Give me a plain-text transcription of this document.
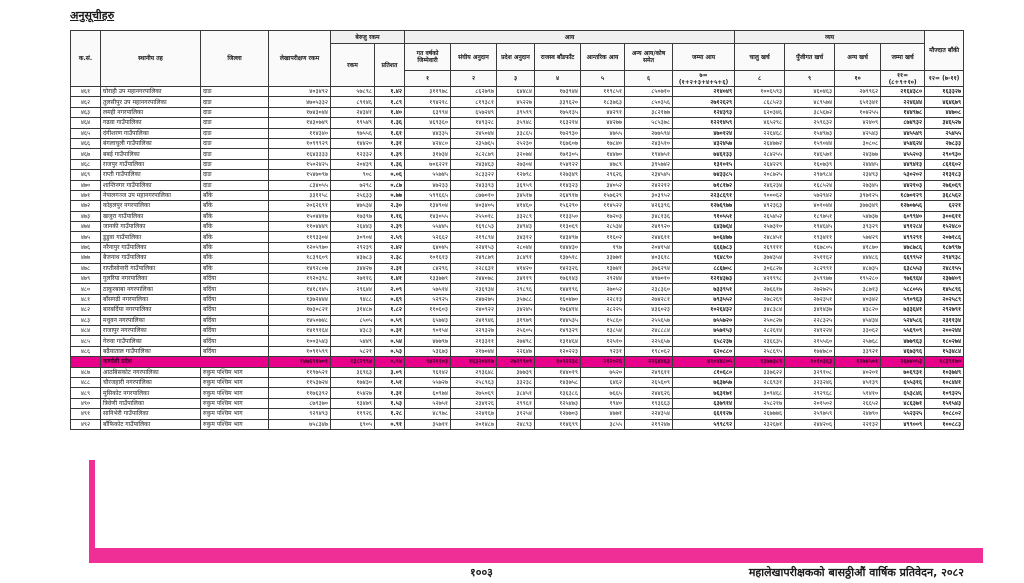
अनुसूचीहरु
क.सं.	स्थानीय तह	जिल्ला	लेखापरीक्षण रकम	बेरुजु रकम		आय							व्यय				मौज्दात बाँकी
				रकम	प्रतिशत	गत वर्षको जिम्मेवारी	संघीय अनुदान	प्रदेश अनुदान	राजस्व बाँडफाँट	आन्तरिक आय	अन्य आय/कोष समेत	जम्मा आय	चालु खर्च	पुँजीगत खर्च	अन्य खर्च	जम्मा खर्च	
						१	२	३	४	५	६	७= (१+२+३+४+५+६)	८	९	१०	११= (८+९+१०)	१२= (७-११)
४६१	घोराही उप महानगरपालिका	दाङ	४०३४९२	५७८९८	१.४२	३११९७८	८६२७९७	६४४८४	१७३९४४	११९८५१	८५०७१०	२१४०४९	१००६५९३	४६०४६३	२७९९६२	२१६४३८०	१६३३२७
४६२	तुलसीपुर उप महानगरपालिका	दाङ	४७०५३३२	८९१४६	१.८९	१९४२१८	८१९३८१	४५२२७	३३९६२०	१८३७६३	८५०३५६	२७१२६२९	८६८५२३	४८९५७४	६५१३४१	२२४६४४	४६४६७९
४६३	लमही नगरपालिका	दाङ	१७४३०४४	२४३४१	१.४०	६३९९४	६५७२४९	३९५९९	१७५१३५	४४२९१	३८२१७७	१२४३९३	६२०३४६	३८५६७२	१०४२५५	१४४९७८	४४७०८
४६४	गढवा गाउँपालिका	दाङ	१४३०७४९	१९५४९	१.३६	४६९३६०	१४९३२८	३५९४८	१६३२१४	४४२७७	५८५३७८	१२२१४५९	४६५२९८	२५९६३२	४२४०९	८७४९३२	३४६५२७
४६५	दंगीशरण गाउँपालिका	दाङ	११४३४०	९७५५६	१.६१	४४३३५	२४५०४४	३३८६५	१७२९३०	४७५५	२७७५९४	४७०१२४	२२६४६८	१५४९७३	४२५४३	४४५५४९	२५४५५
४६६	बंगलाचुली गाउँपालिका	दाङ	१०९९९२९	१४४२०	१.३१	४२४८०	२३५७६५	२५२३०	१६७६०७	१७८४०	२४३५१०	४३२४५७	२६४७७२	१५९०४४	३०८०८	४५४६२४	२७८३३
४६७	बबई गाउँपालिका	दाङ	१६४३३३३	१२३३२	१.३९	३१७३४	२८२८७९	३२०७४	१७१३०५	१४४७०	१९४७५१	७४६१३३	२८४२५५	१४६५७१	२४३७७	४५५२०३	२९०९३०
४६८	राजपुर गाउँपालिका	दाङ	१५०२४२५	२०४३९	१.३६	७०६२२१	२४३४६३	२७३०४	१५४१२२	४७८९	३९५७४२	१३१०१५	२६४२२९	१६०७३९	२४४४५	४४९४१३	८६१६०२
४६९	राप्ती गाउँपालिका	दाङ	१५४७०९७	९०८	०.०६	५५७४५	२८३३२२	१२७९८	१२७३४९	२९६२६	२३४५४५	७४३३८५	२०८७२५	२९७९८४	२३४९३	५३०२०२	२१३१८३
४७०	शान्तिनगर गाउँपालिका	दाङ	८३४०५५	७२९८	०.८७	४७२३३	२४३३९३	३६९५९	११४३२३	३४०५२	२४२२१२	७१८१७२	२४६२३४	१६८५२४	२७३४५	४४२१०३	२७६०६९
४७१	नेपालगञ्ज उप महानगरपालिका	बाँके	३३११५८	२५६३३	०.७७	५९९६६५	८७७०१०	३४५१७	२६४९१७	१५७६२९	३०३९५२	२२३८६९१	९०००६२	५७२९४२	३९७१२५	१८७०१२९	३६८५६२
४७२	कोहलपुर नगरपालिका	बाँके	२०६२६९१	४७५३४	२.३०	१३४९०४	४०३४०५	४१४६०	१५६२९०	११४५२२	४२६३९६	१२७६९७७	४९२३६३	४०१०४४	३७७३४९	१२७०७५६	६२२१
४७३	खजुरा गाउँपालिका	बाँके	१५०४४१७	१७३९७	१.१६	१४३०५५	२५५०१८	३३२८९	११३३५०	१७२०३	३४८१३६	९१०५५१	२६५४५२	१८९७५१	५४७३७	६०९९४०	३००६११
४७४	जानकी गाउँपालिका	बाँके	११०४४४९	२६४४३	२.३९	५५४४५	१६९८५३	३४९४३	११३०६९	२८५३४	२४१९२०	६४३७६४	२५७३१०	१९४६४५	३९३२९	४९१२८४	१५२४८०
४७५	डुडुवा गाउँपालिका	बाँके	११९३३०४	३०९०४	२.५९	५२६६२	२१९८९४	३४३१२	१४३४९७	११६०२	२४४६११	७०६४७७	२४८४५१	१९३४११	५७४२९	४९९२९१	२०७१८६
४७६	नरैनापुर गाउँपालिका	बाँके	१२०५९७०	२९२३९	२.४२	६४०४५	२२४१५३	२८०४४	१४४४३०	१९७	२०४१५४	६६६७८३	२६९१११	१६७८०५	४१८७०	४७८७८६	१८७९९७
४७७	बैजनाथ गाउँपालिका	बाँके	१८३९६०९	४३७८३	२.३८	१०१६१३	२४९८७९	३८४९१	१३७५१८	३३७७१	४०३६१८	९६४८९०	३७४३५४	२५११६२	४४४८६	६६९९५२	२९४९३८
४७८	राप्तीसोनारी गाउँपालिका	बाँके	१४९२८०७	३४४२७	२.३१	८४२९६	२२८६३१	४१४२०	१४२३२६	१३७४१	३७६२९४	८८६७०८	३०६८२७	२८२९९१	४८७३५	६३८५५३	२४८१५५
४७९	गुलरिया नगरपालिका	बर्दिया	१९२०३९८	२७११६	१.४१	१३३७७९	२४४०७८	३४११९	१७६१४३	२९२४४	४९७०१०	१२१४३७३	४२१९९८	३५९९७७	१९५२८०	९७६९६४	२३७४०९
४८०	ठाकुरबाबा नगरपालिका	बर्दिया	१४१८१४५	२९६४४	२.०९	५७५१४	२३६९३४	२९८९६	१४४१९६	२७०५२	२३८३६०	७३३९५१	२७६६१७	२७२७२५	३८७१३	५८८०५५	१४५८९६
४८१	बाँसगढी नगरपालिका	बर्दिया	१३७२४४४	९४८८	०.६९	५२९२५	२४७२७५	३५७८८	१६०४७०	२२८१३	२७४२८१	७९३५५२	२७८२६९	२७२३५१	४०३४२	५९०९६३	२०२५८९
४८२	बारबर्दिया नगरपालिका	बर्दिया	१७३०८२१	३१४८७	१.८२	११०६०३	२४०९२२	३४२४५	१७६४१४	२८२२५	४३६०२३	१०२६४३२	३४८३८४	३४१४३७	४३८२०	७३३६४१	२९२७९१
४८३	मधुवन नगरपालिका	बर्दिया	१४५०७४८	८५०५	०.५९	६५७४३	२४१९४६	३१९७९	१४४५३५	१५८६०	२५५६५७	७५५७२०	२५०८२७	२२८३२५	४५४३४	५२४५८६	२३११३४
४८४	राजापुर नगरपालिका	बर्दिया	१४१९१६४	४३८३	०.३१	९०१५४	२२९३२७	२५६०५	१४९३२९	१३८५४	२४८८८४	७५७१५३	२८२६१४	२४१२२४	३३०६२	५५६९०९	२००२४४
४८५	गेरुवा गाउँपालिका	बर्दिया	१००३५४३	५४४९	०.५४	४७७९७	२१३३११	२७४९८	१३१४६४	१२५१०	२२५६५७	६५८२३७	२३६६३५	२१५५६०	२५७६८	४७७९६३	१८०२७४
४८६	बढैयाताल गाउँपालिका	बर्दिया	१०९१५९९	५८२१	०.५३	५३६७३	२१७०४४	२२६४७	१२०२२३	९२३१	१९८०६२	६२०८८०	२५८६९५	१७४७८०	३३९२१	४६७३९६	१५३४८४
	कर्णाली प्रदेश		१४७६९१७०१	१३८२९९४	०.९४	९४२११०३	१६३२०४१७	२७२९९०९	१०९२२३८	२१२०२६	२२६४४६३	४१०४४८०५	१३७७३८९	१०१०३६३	१२७४५०१	२६७४०५३	१८३९१७०
४८७	आठबिसकोट नगरपालिका	रुकुम पश्चिम भाग	११९७५२१	३६९६३	३.०९	९६१४२	२९३६४८	३७७३९	१४४०१९	७५२०	२४९६११	८१०६८०	३३७६२२	३२९१०८	४०२०१	७०६९३१	१०३७४९
४८८	चौरजहारी नगरपालिका	रुकुम पश्चिम भाग	११५३७२४	१७४३०	१.५१	५५७२७	२५८९६३	३३२३८	१४३७५८	६४६२	२६५६०९	७६३७५७	२८६९३१	३२३२४६	४५१३९	६५५३१६	१०८४४१
४८९	मुसिकोट नगरपालिका	रुकुम पश्चिम भाग	११७६३९२	१५४२७	१.३१	६०९७४	२७५०६९	३८४५१	१३६३८६	७६६५	२४४६२६	७६३१७१	३०९४६८	२९२९६८	५१४१०	६५३८४६	१०९३२५
४९०	त्रिवेणी गाउँपालिका	रुकुम पश्चिम भाग	८७९३७०	१३४७९	१.५३	५२७५१	२३४१२६	२९९६१	१२५४७३	१९४०	१९३६६३	६३७९१४	२५८२१७	२०१५०२	२६६५२	४८६३७१	१५१५४३
४९१	सानिभेरी गाउँपालिका	रुकुम पश्चिम भाग	९२९४९३	११९२६	१.२८	४८९७८	२२४१६७	३१२५४	१२७७०३	४७७१	२२४३५४	६६११२७	२६७७७६	२५९७५९	२४७९०	५५२३२५	१०८८०२
४९२	बाँफिकोट गाउँपालिका	रुकुम पश्चिम भाग	७५८३४७	६९०५	०.९१	३५७११	२०१४८७	२४८९३	११४६९९	३८५५	२१९२४७	५९९८९२	२३२६७१	२४४२०६	२२१३२	४९९००९	१००८८३
१००३	महालेखापरीक्षकको बासठ्ठीऔं वार्षिक प्रतिवेदन, २०८२
